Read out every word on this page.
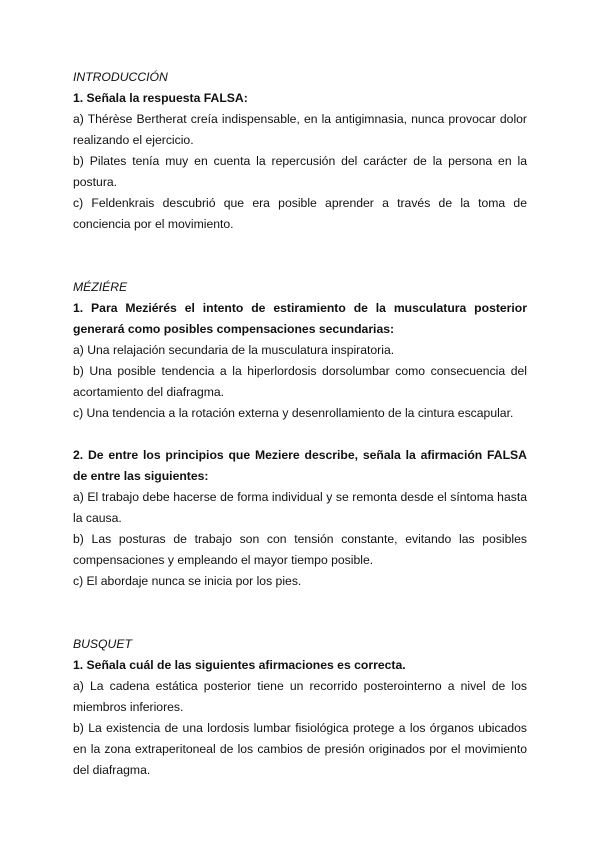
INTRODUCCIÓN

1. Señala la respuesta FALSA:

a) Thérèse Bertherat creía indispensable, en la antigimnasia, nunca provocar dolor realizando el ejercicio.

b) Pilates tenía muy en cuenta la repercusión del carácter de la persona en la postura.

c) Feldenkrais descubrió que era posible aprender a través de la toma de conciencia por el movimiento.

MÉZIÉRE

1. Para Meziérés el intento de estiramiento de la musculatura posterior generará como posibles compensaciones secundarias:

a) Una relajación secundaria de la musculatura inspiratoria.

b) Una posible tendencia a la hiperlordosis dorsolumbar como consecuencia del acortamiento del diafragma.

c) Una tendencia a la rotación externa y desenrollamiento de la cintura escapular.

2. De entre los principios que Meziere describe, señala la afirmación FALSA de entre las siguientes:

a) El trabajo debe hacerse de forma individual y se remonta desde el síntoma hasta la causa.

b) Las posturas de trabajo son con tensión constante, evitando las posibles compensaciones y empleando el mayor tiempo posible.

c) El abordaje nunca se inicia por los pies.

BUSQUET

1. Señala cuál de las siguientes afirmaciones es correcta.

a) La cadena estática posterior tiene un recorrido posterointerno a nivel de los miembros inferiores.

b) La existencia de una lordosis lumbar fisiológica protege a los órganos ubicados en la zona extraperitoneal de los cambios de presión originados por el movimiento del diafragma.
